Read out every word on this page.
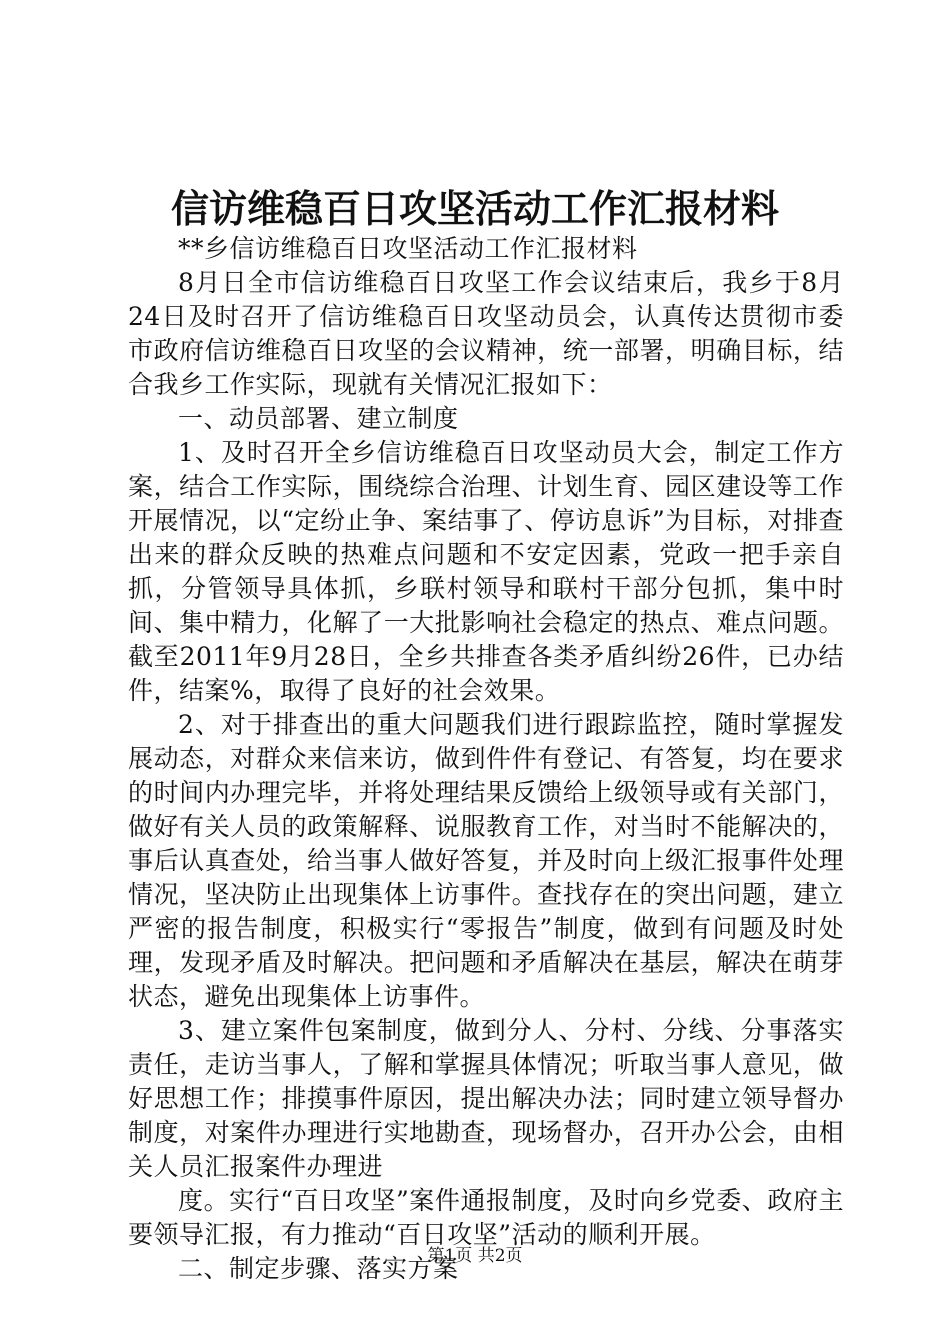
信访维稳百日攻坚活动工作汇报材料

**乡信访维稳百日攻坚活动工作汇报材料

8月日全市信访维稳百日攻坚工作会议结束后，我乡于8月24日及时召开了信访维稳百日攻坚动员会，认真传达贯彻市委市政府信访维稳百日攻坚的会议精神，统一部署，明确目标，结合我乡工作实际，现就有关情况汇报如下：

一、动员部署、建立制度

1、及时召开全乡信访维稳百日攻坚动员大会，制定工作方案，结合工作实际，围绕综合治理、计划生育、园区建设等工作开展情况，以“定纷止争、案结事了、停访息诉”为目标，对排查出来的群众反映的热难点问题和不安定因素，党政一把手亲自抓，分管领导具体抓，乡联村领导和联村干部分包抓，集中时间、集中精力，化解了一大批影响社会稳定的热点、难点问题。截至2011年9月28日，全乡共排查各类矛盾纠纷26件，已办结件，结案%，取得了良好的社会效果。

2、对于排查出的重大问题我们进行跟踪监控，随时掌握发展动态，对群众来信来访，做到件件有登记、有答复，均在要求的时间内办理完毕，并将处理结果反馈给上级领导或有关部门，做好有关人员的政策解释、说服教育工作，对当时不能解决的，事后认真查处，给当事人做好答复，并及时向上级汇报事件处理情况，坚决防止出现集体上访事件。查找存在的突出问题，建立严密的报告制度，积极实行“零报告”制度，做到有问题及时处理，发现矛盾及时解决。把问题和矛盾解决在基层，解决在萌芽状态，避免出现集体上访事件。

3、建立案件包案制度，做到分人、分村、分线、分事落实责任，走访当事人，了解和掌握具体情况；听取当事人意见，做好思想工作；排摸事件原因，提出解决办法；同时建立领导督办制度，对案件办理进行实地勘查，现场督办，召开办公会，由相关人员汇报案件办理进

度。实行“百日攻坚”案件通报制度，及时向乡党委、政府主要领导汇报，有力推动“百日攻坚”活动的顺利开展。

二、制定步骤、落实方案

第1页 共2页
